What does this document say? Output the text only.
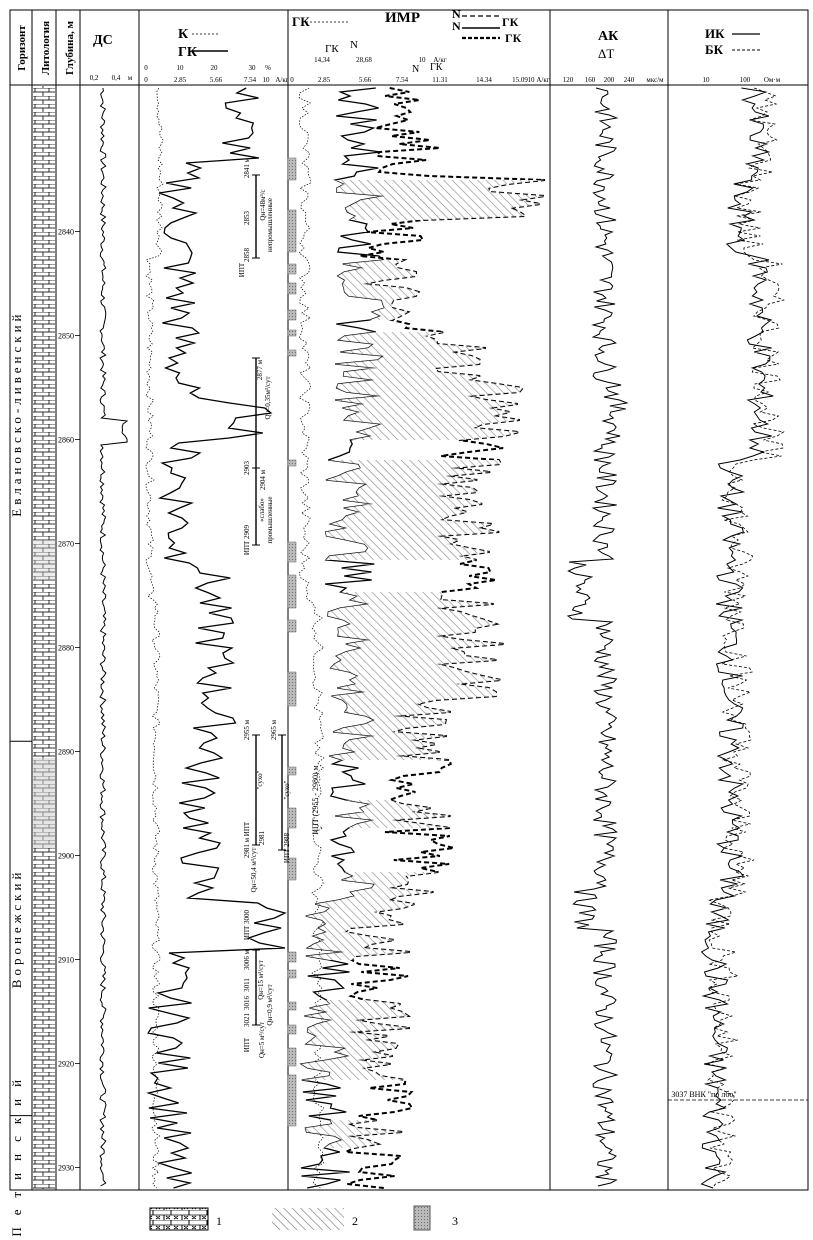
Горизонт Литология Глубина, м ДС	К
ГК
ГК	ИМР	N
N	ГК
ГК
ГК N
N ГК
АК
ΔT
ИК
БК
0,2 0,4 м
0	10	20	30 %
0	2.85	5.66	7.54 10 А/кг
14,34	28,68	10 А/кг
0	2.85	5.66	7.54	11.31	14.34	15.09 10 А/кг 120 160 200 240 мкс/м	10	100 Ом·м
Евлановско-ливенский
Воронежский
Петинский
2840
2850
2860
2870
2880
2890
2900
2910
2920
2930
2841 м
2853
2858
Qн=48м³/с непромышленные
ИПТ
2877 м
Qн=0,35м³/сут
2903
2904 м
ИПТ 2909
«слабо» промышленные
2955 м	2965 м
"сухо"
"сухо"
2981 м ИПТ 2981 ИПТ 2988
Qн=50,4 м³/сут
ИПТ 3000
3006 м
3011
3016
3021
Qн=15 м³/сут
Qн=0,9 м³/сут
Qн=5 м³/сут
ИПТ
ИПТ (2955 - 2980) м
3037 ВНК "по лбо"
1	2	3
